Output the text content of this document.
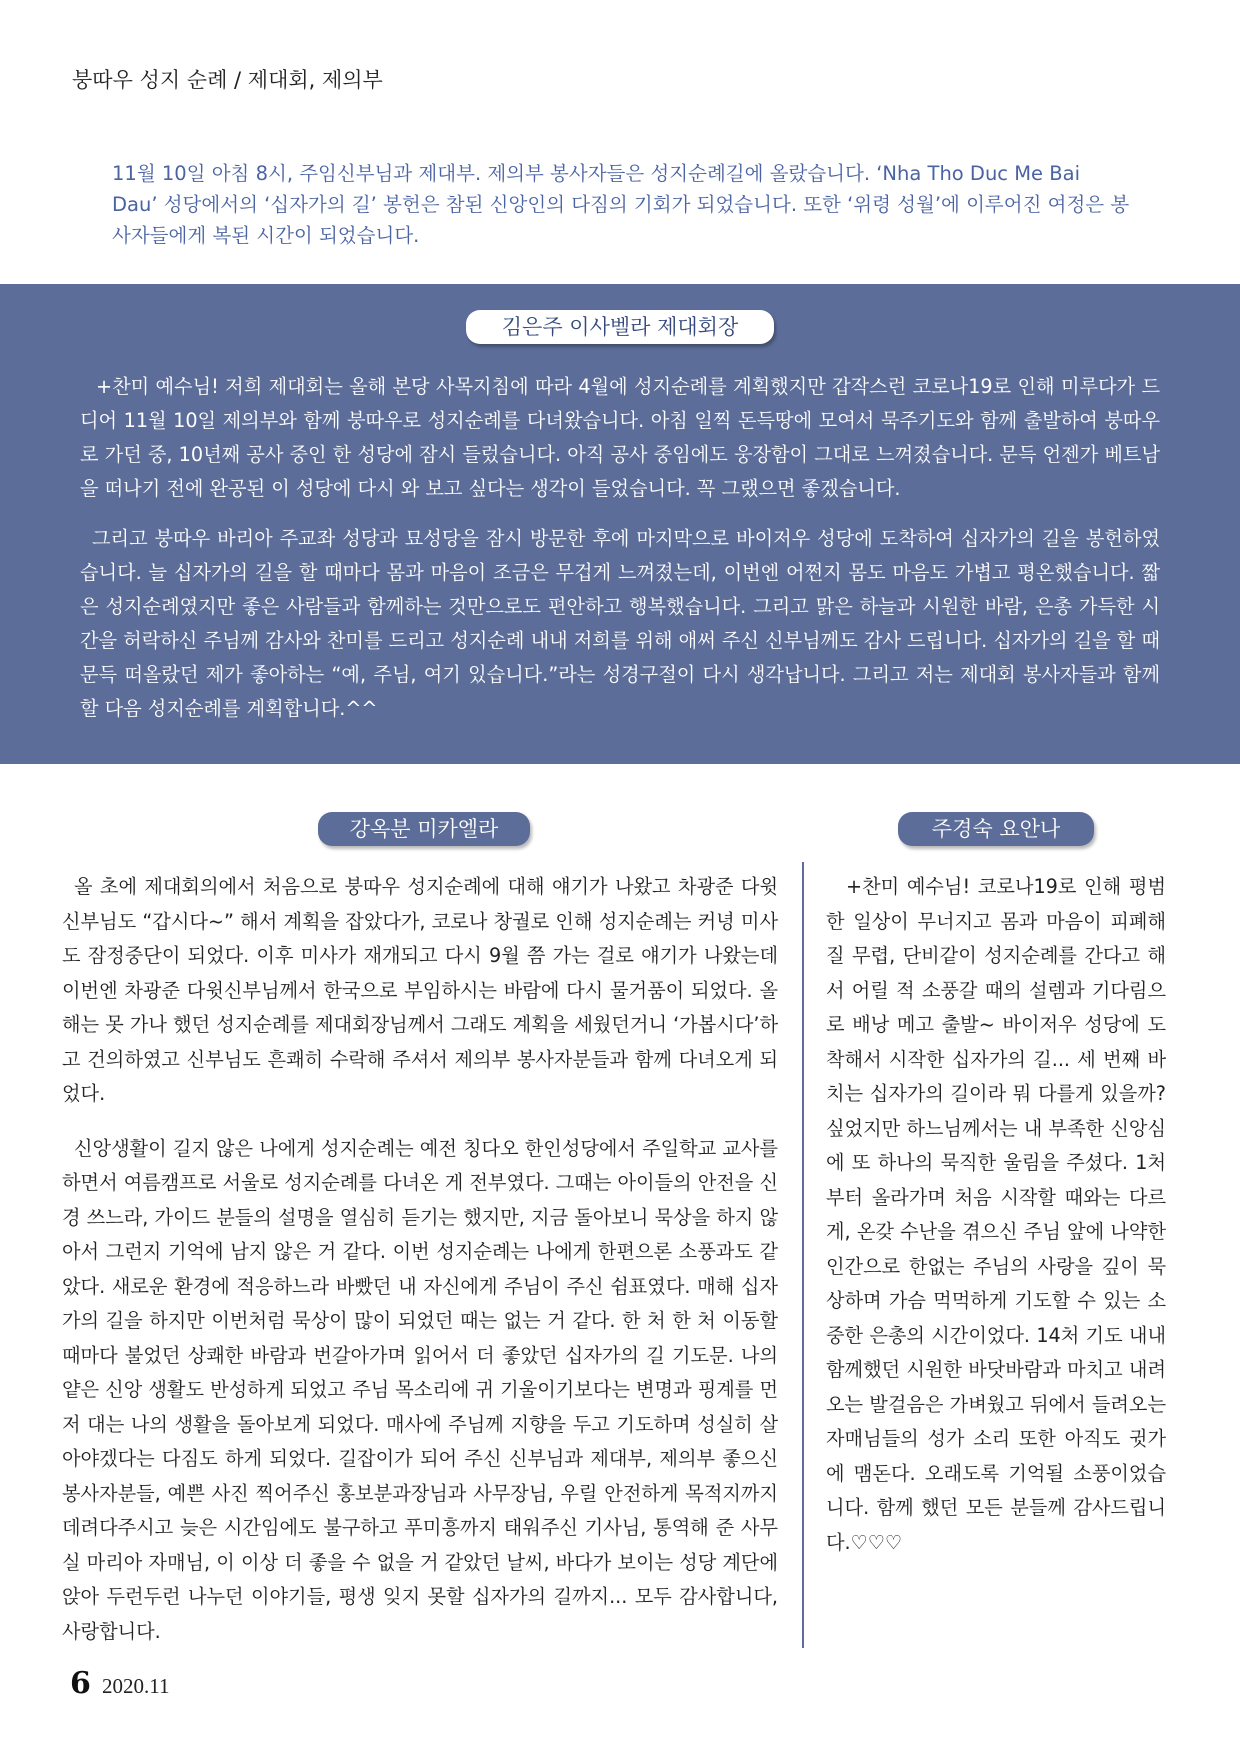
붕따우 성지 순례 / 제대회, 제의부
11월 10일 아침 8시, 주임신부님과 제대부. 제의부 봉사자들은 성지순례길에 올랐습니다. ‘Nha Tho Duc Me Bai Dau’ 성당에서의 ‘십자가의 길’ 봉헌은 참된 신앙인의 다짐의 기회가 되었습니다. 또한 ‘위령 성월’에 이루어진 여정은 봉사자들에게 복된 시간이 되었습니다.
김은주 이사벨라 제대회장

+찬미 예수님! 저희 제대회는 올해 본당 사목지침에 따라 4월에 성지순례를 계획했지만 갑작스런 코로나19로 인해 미루다가 드디어 11월 10일 제의부와 함께 붕따우로 성지순례를 다녀왔습니다. 아침 일찍 돈득땅에 모여서 묵주기도와 함께 출발하여 붕따우로 가던 중, 10년째 공사 중인 한 성당에 잠시 들렀습니다. 아직 공사 중임에도 웅장함이 그대로 느껴졌습니다. 문득 언젠가 베트남을 떠나기 전에 완공된 이 성당에 다시 와 보고 싶다는 생각이 들었습니다. 꼭 그랬으면 좋겠습니다.

그리고 붕따우 바리아 주교좌 성당과 묘성당을 잠시 방문한 후에 마지막으로 바이저우 성당에 도착하여 십자가의 길을 봉헌하였습니다. 늘 십자가의 길을 할 때마다 몸과 마음이 조금은 무겁게 느껴졌는데, 이번엔 어쩐지 몸도 마음도 가볍고 평온했습니다. 짧은 성지순례였지만 좋은 사람들과 함께하는 것만으로도 편안하고 행복했습니다. 그리고 맑은 하늘과 시원한 바람, 은총 가득한 시간을 허락하신 주님께 감사와 찬미를 드리고 성지순례 내내 저희를 위해 애써 주신 신부님께도 감사 드립니다. 십자가의 길을 할 때 문득 떠올랐던 제가 좋아하는 “예, 주님, 여기 있습니다.”라는 성경구절이 다시 생각납니다. 그리고 저는 제대회 봉사자들과 함께할 다음 성지순례를 계획합니다.^^

강옥분 미카엘라

올 초에 제대회의에서 처음으로 붕따우 성지순례에 대해 얘기가 나왔고 차광준 다윗신부님도 “갑시다~” 해서 계획을 잡았다가, 코로나 창궐로 인해 성지순례는 커녕 미사도 잠정중단이 되었다. 이후 미사가 재개되고 다시 9월 쯤 가는 걸로 얘기가 나왔는데 이번엔 차광준 다윗신부님께서 한국으로 부임하시는 바람에 다시 물거품이 되었다. 올해는 못 가나 했던 성지순례를 제대회장님께서 그래도 계획을 세웠던거니 ‘가봅시다’하고 건의하였고 신부님도 흔쾌히 수락해 주셔서 제의부 봉사자분들과 함께 다녀오게 되었다.

신앙생활이 길지 않은 나에게 성지순례는 예전 칭다오 한인성당에서 주일학교 교사를 하면서 여름캠프로 서울로 성지순례를 다녀온 게 전부였다. 그때는 아이들의 안전을 신경 쓰느라, 가이드 분들의 설명을 열심히 듣기는 했지만, 지금 돌아보니 묵상을 하지 않아서 그런지 기억에 남지 않은 거 같다. 이번 성지순례는 나에게 한편으론 소풍과도 같았다. 새로운 환경에 적응하느라 바빴던 내 자신에게 주님이 주신 쉼표였다. 매해 십자가의 길을 하지만 이번처럼 묵상이 많이 되었던 때는 없는 거 같다. 한 처 한 처 이동할 때마다 불었던 상쾌한 바람과 번갈아가며 읽어서 더 좋았던 십자가의 길 기도문. 나의 얕은 신앙 생활도 반성하게 되었고 주님 목소리에 귀 기울이기보다는 변명과 핑계를 먼저 대는 나의 생활을 돌아보게 되었다. 매사에 주님께 지향을 두고 기도하며 성실히 살아야겠다는 다짐도 하게 되었다. 길잡이가 되어 주신 신부님과 제대부, 제의부 좋으신 봉사자분들, 예쁜 사진 찍어주신 홍보분과장님과 사무장님, 우릴 안전하게 목적지까지 데려다주시고 늦은 시간임에도 불구하고 푸미흥까지 태워주신 기사님, 통역해 준 사무실 마리아 자매님, 이 이상 더 좋을 수 없을 거 같았던 날씨, 바다가 보이는 성당 계단에 앉아 두런두런 나누던 이야기들, 평생 잊지 못할 십자가의 길까지... 모두 감사합니다, 사랑합니다.

주경숙 요안나

+찬미 예수님! 코로나19로 인해 평범한 일상이 무너지고 몸과 마음이 피폐해질 무렵, 단비같이 성지순례를 간다고 해서 어릴 적 소풍갈 때의 설렘과 기다림으로 배낭 메고 출발~ 바이저우 성당에 도착해서 시작한 십자가의 길... 세 번째 바치는 십자가의 길이라 뭐 다를게 있을까? 싶었지만 하느님께서는 내 부족한 신앙심에 또 하나의 묵직한 울림을 주셨다. 1처부터 올라가며 처음 시작할 때와는 다르게, 온갖 수난을 겪으신 주님 앞에 나약한 인간으로 한없는 주님의 사랑을 깊이 묵상하며 가슴 먹먹하게 기도할 수 있는 소중한 은총의 시간이었다. 14처 기도 내내 함께했던 시원한 바닷바람과 마치고 내려오는 발걸음은 가벼웠고 뒤에서 들려오는 자매님들의 성가 소리 또한 아직도 귓가에 맴돈다. 오래도록 기억될 소풍이었습니다. 함께 했던 모든 분들께 감사드립니다.♡♡♡

6 2020.11
